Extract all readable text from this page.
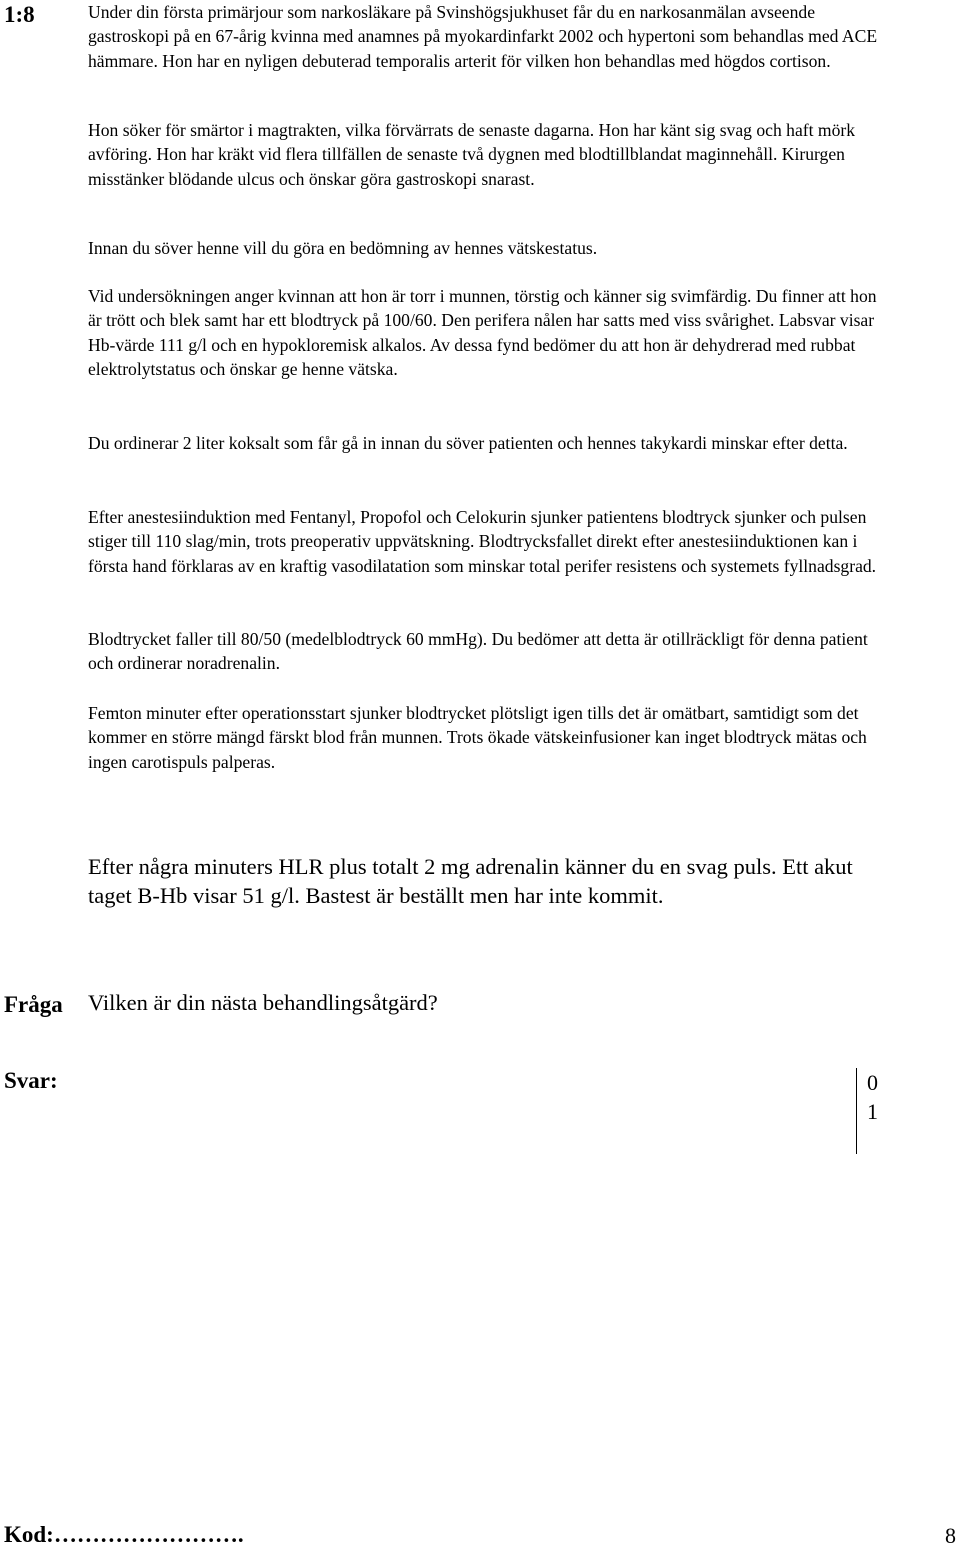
1:8	Under din första primärjour som narkosläkare på Svinshögsjukhuset får du en narkosanmälan avseende gastroskopi på en 67-årig kvinna med anamnes på myokardinfarkt 2002 och hypertoni som behandlas med ACE hämmare. Hon har en nyligen debuterad temporalis arterit för vilken hon behandlas med högdos cortison.

Hon söker för smärtor i magtrakten, vilka förvärrats de senaste dagarna. Hon har känt sig svag och haft mörk avföring. Hon har kräkt vid flera tillfällen de senaste två dygnen med blodtillblandat maginnehåll. Kirurgen misstänker blödande ulcus och önskar göra gastroskopi snarast.

Innan du söver henne vill du göra en bedömning av hennes vätskestatus.

Vid undersökningen anger kvinnan att hon är torr i munnen, törstig och känner sig svimfärdig. Du finner att hon är trött och blek samt har ett blodtryck på 100/60. Den perifera nålen har satts med viss svårighet. Labsvar visar Hb-värde 111 g/l och en hypokloremisk alkalos. Av dessa fynd bedömer du att hon är dehydrerad med rubbat elektrolytstatus och önskar ge henne vätska.

Du ordinerar 2 liter koksalt som får gå in innan du söver patienten och hennes takykardi minskar efter detta.

Efter anestesiinduktion med Fentanyl, Propofol och Celokurin sjunker patientens blodtryck sjunker och pulsen stiger till 110 slag/min, trots preoperativ uppvätskning. Blodtrycksfallet direkt efter anestesiinduktionen kan i första hand förklaras av en kraftig vasodilatation som minskar total perifer resistens och systemets fyllnadsgrad.

Blodtrycket faller till 80/50 (medelblodtryck 60 mmHg). Du bedömer att detta är otillräckligt för denna patient och ordinerar noradrenalin.

Femton minuter efter operationsstart sjunker blodtrycket plötsligt igen tills det är omätbart, samtidigt som det kommer en större mängd färskt blod från munnen. Trots ökade vätskeinfusioner kan inget blodtryck mätas och ingen carotispuls palperas.

Efter några minuters HLR plus totalt 2 mg adrenalin känner du en svag puls. Ett akut taget B-Hb visar 51 g/l. Bastest är beställt men har inte kommit.

Fråga Vilken är din nästa behandlingsåtgärd?
Svar:	0
1
Kod:…………………….	8
